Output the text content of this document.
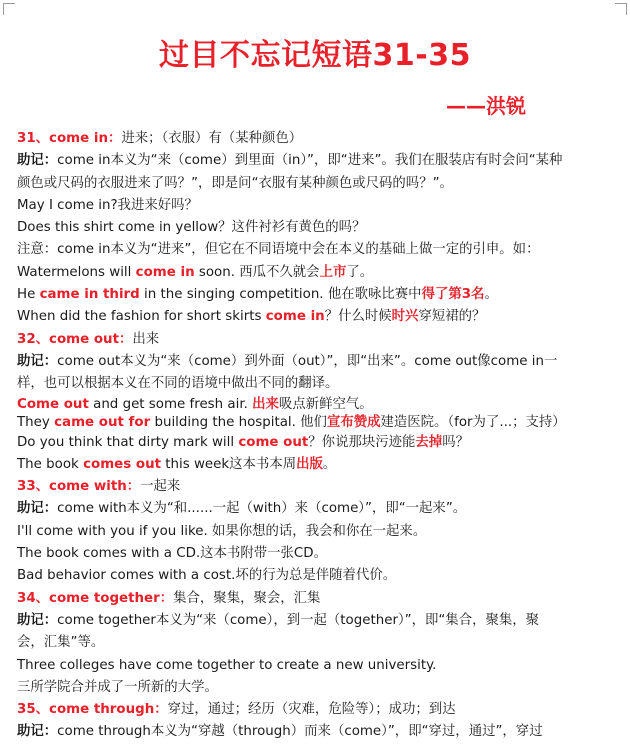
过目不忘记短语31-35
——洪锐
31、come in：进来；（衣服）有（某种颜色）
助记：come in本义为“来（come）到里面（in）”，即“进来”。我们在服装店有时会问“某种
颜色或尺码的衣服进来了吗？”，即是问“衣服有某种颜色或尺码的吗？”。
May I come in?我进来好吗？
Does this shirt come in yellow？这件衬衫有黄色的吗？
注意：come in本义为“进来”，但它在不同语境中会在本义的基础上做一定的引申。如：
Watermelons will come in soon. 西瓜不久就会上市了。
He came in third in the singing competition. 他在歌咏比赛中得了第3名。
When did the fashion for short skirts come in？什么时候时兴穿短裙的？
32、come out：出来
助记：come out本义为“来（come）到外面（out）”，即“出来”。come out像come in一
样，也可以根据本义在不同的语境中做出不同的翻译。
Come out and get some fresh air. 出来吸点新鲜空气。
They came out for building the hospital. 他们宣布赞成建造医院。（for为了...；支持）
Do you think that dirty mark will come out？你说那块污迹能去掉吗？
The book comes out this week这本书本周出版。
33、come with：一起来
助记：come with本义为“和......一起（with）来（come）”，即“一起来”。
I'll come with you if you like. 如果你想的话，我会和你在一起来。
The book comes with a CD.这本书附带一张CD。
Bad behavior comes with a cost.坏的行为总是伴随着代价。
34、come together：集合，聚集，聚会，汇集
助记：come together本义为“来（come），到一起（together）”，即“集合，聚集，聚
会，汇集”等。
Three colleges have come together to create a new university.
三所学院合并成了一所新的大学。
35、come through：穿过，通过；经历（灾难，危险等）；成功；到达
助记：come through本义为“穿越（through）而来（come）”，即“穿过，通过”，穿过
